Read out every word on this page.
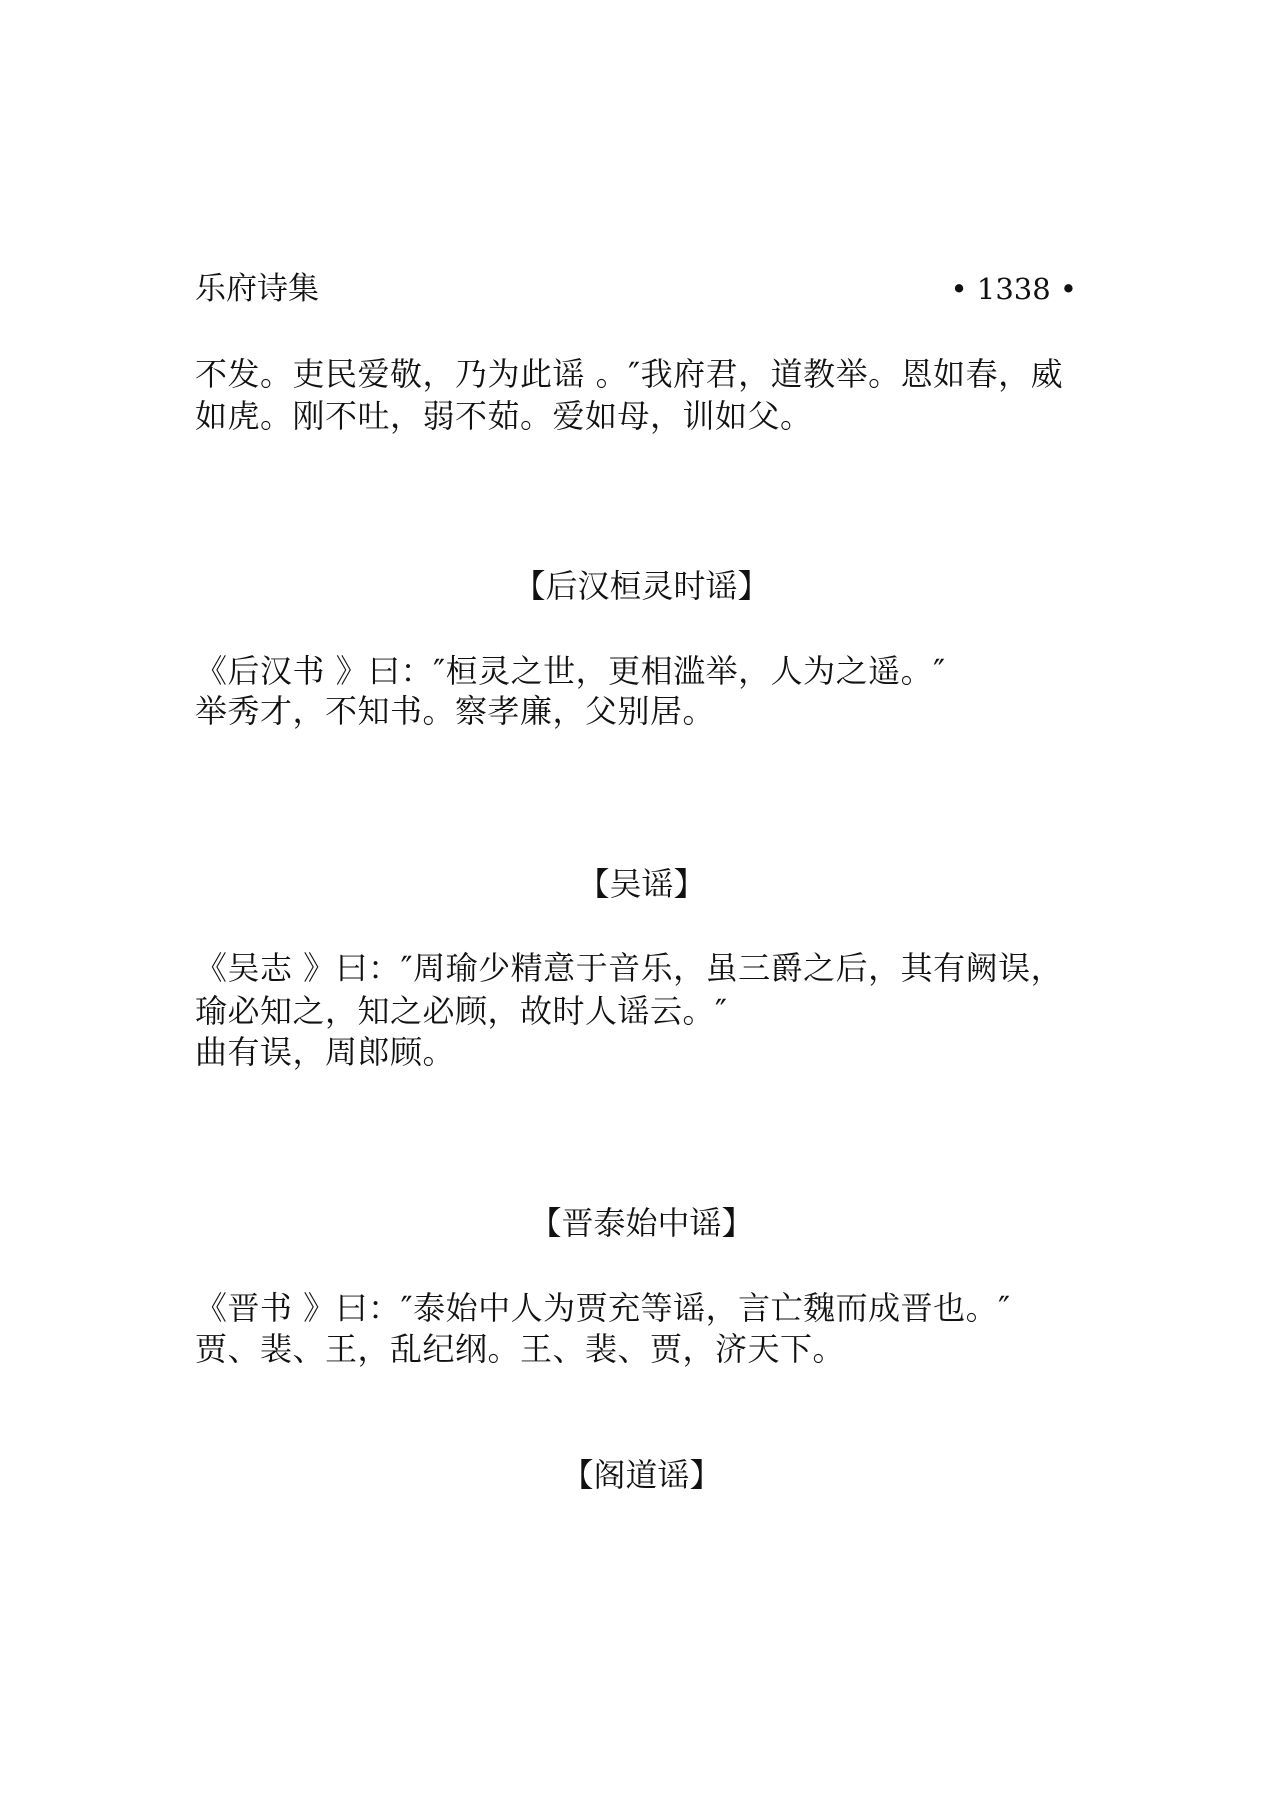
乐府诗集	• 1338 •
不发。吏民爱敬，乃为此谣 。″我府君，道教举。恩如春，威
如虎。刚不吐，弱不茹。爱如母，训如父。
【后汉桓灵时谣】
《后汉书 》曰：″桓灵之世，更相滥举，人为之遥。″
举秀才，不知书。察孝廉，父别居。
【吴谣】
《吴志 》曰：″周瑜少精意于音乐，虽三爵之后，其有阙误，
瑜必知之，知之必顾，故时人谣云。″
曲有误，周郎顾。
【晋泰始中谣】
《晋书 》曰：″泰始中人为贾充等谣，言亡魏而成晋也。″
贾、裴、王，乱纪纲。王、裴、贾，济天下。
【阁道谣】
